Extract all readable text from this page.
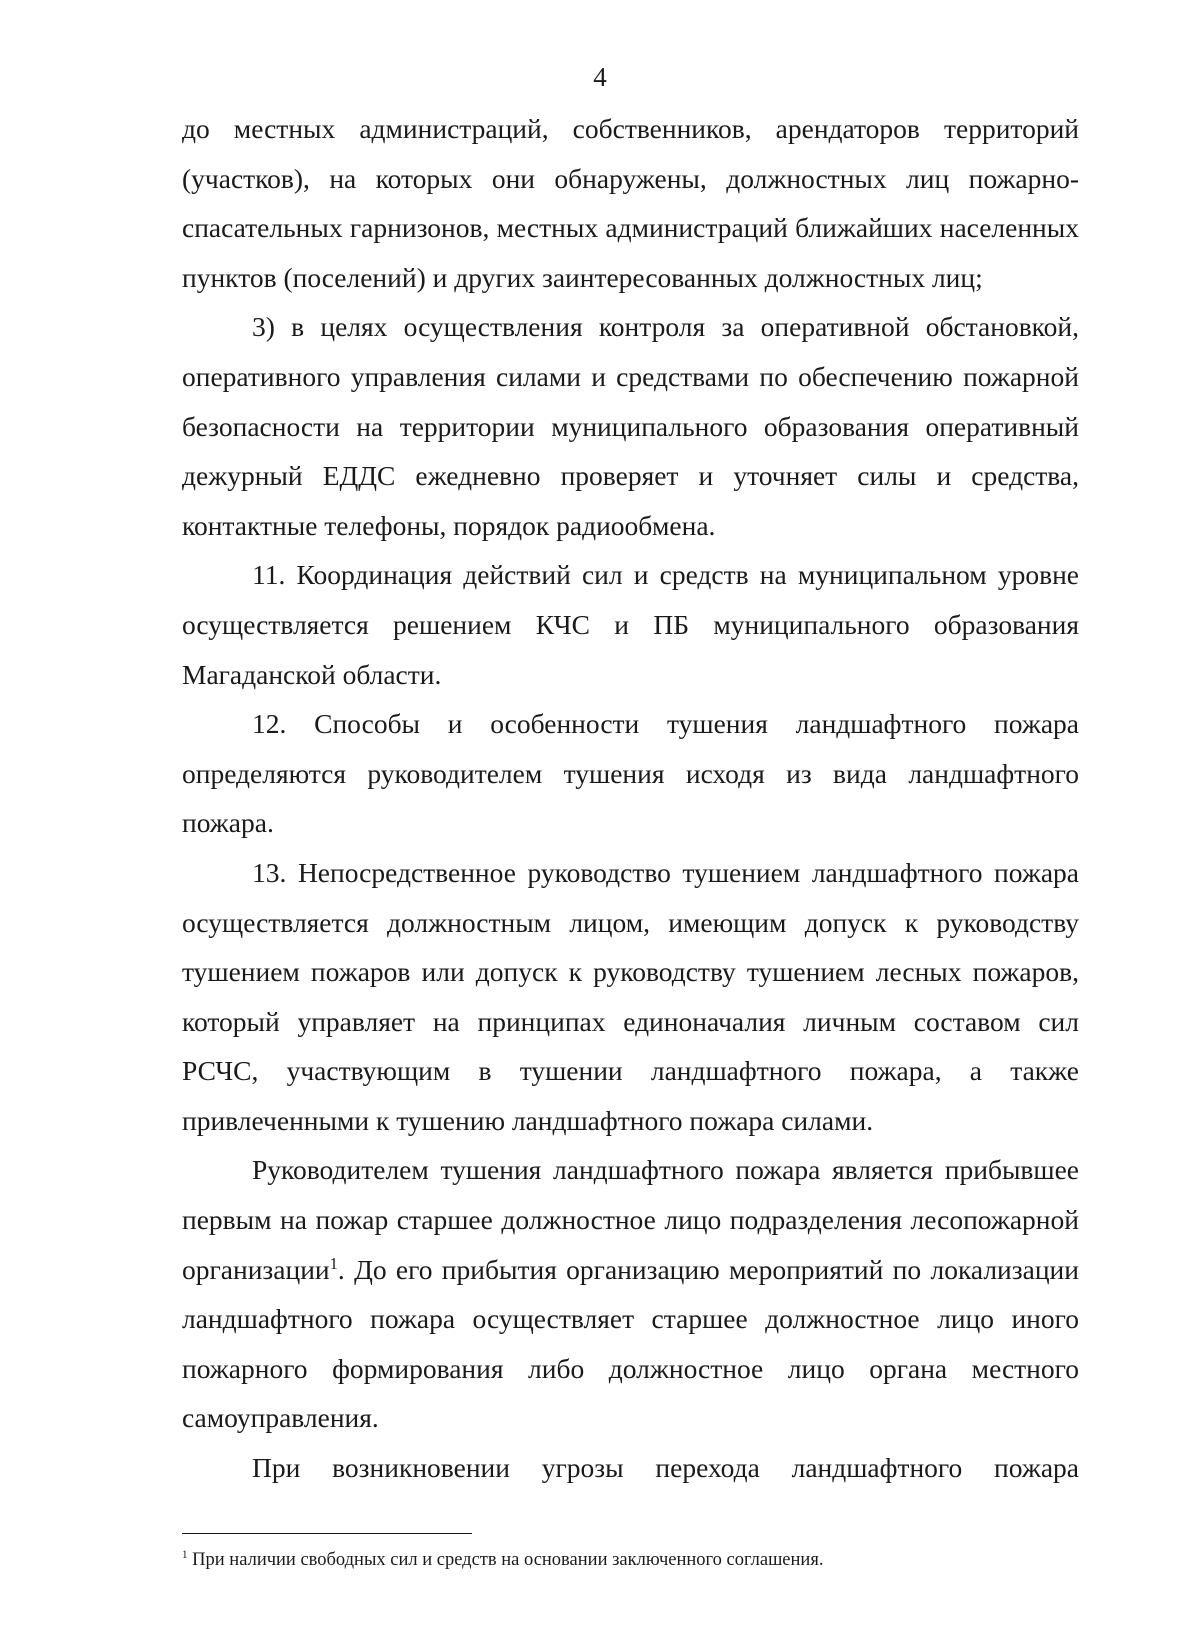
4

до местных администраций, собственников, арендаторов территорий (участков), на которых они обнаружены, должностных лиц пожарно-спасательных гарнизонов, местных администраций ближайших населенных пунктов (поселений) и других заинтересованных должностных лиц;

3) в целях осуществления контроля за оперативной обстановкой, оперативного управления силами и средствами по обеспечению пожарной безопасности на территории муниципального образования оперативный дежурный ЕДДС ежедневно проверяет и уточняет силы и средства, контактные телефоны, порядок радиообмена.

11. Координация действий сил и средств на муниципальном уровне осуществляется решением КЧС и ПБ муниципального образования Магаданской области.

12. Способы и особенности тушения ландшафтного пожара определяются руководителем тушения исходя из вида ландшафтного пожара.

13. Непосредственное руководство тушением ландшафтного пожара осуществляется должностным лицом, имеющим допуск к руководству тушением пожаров или допуск к руководству тушением лесных пожаров, который управляет на принципах единоначалия личным составом сил РСЧС, участвующим в тушении ландшафтного пожара, а также привлеченными к тушению ландшафтного пожара силами.

Руководителем тушения ландшафтного пожара является прибывшее первым на пожар старшее должностное лицо подразделения лесопожарной организации$^1$. До его прибытия организацию мероприятий по локализации ландшафтного пожара осуществляет старшее должностное лицо иного пожарного формирования либо должностное лицо органа местного самоуправления.

При возникновении угрозы перехода ландшафтного пожара

$^1$ При наличии свободных сил и средств на основании заключенного соглашения.
